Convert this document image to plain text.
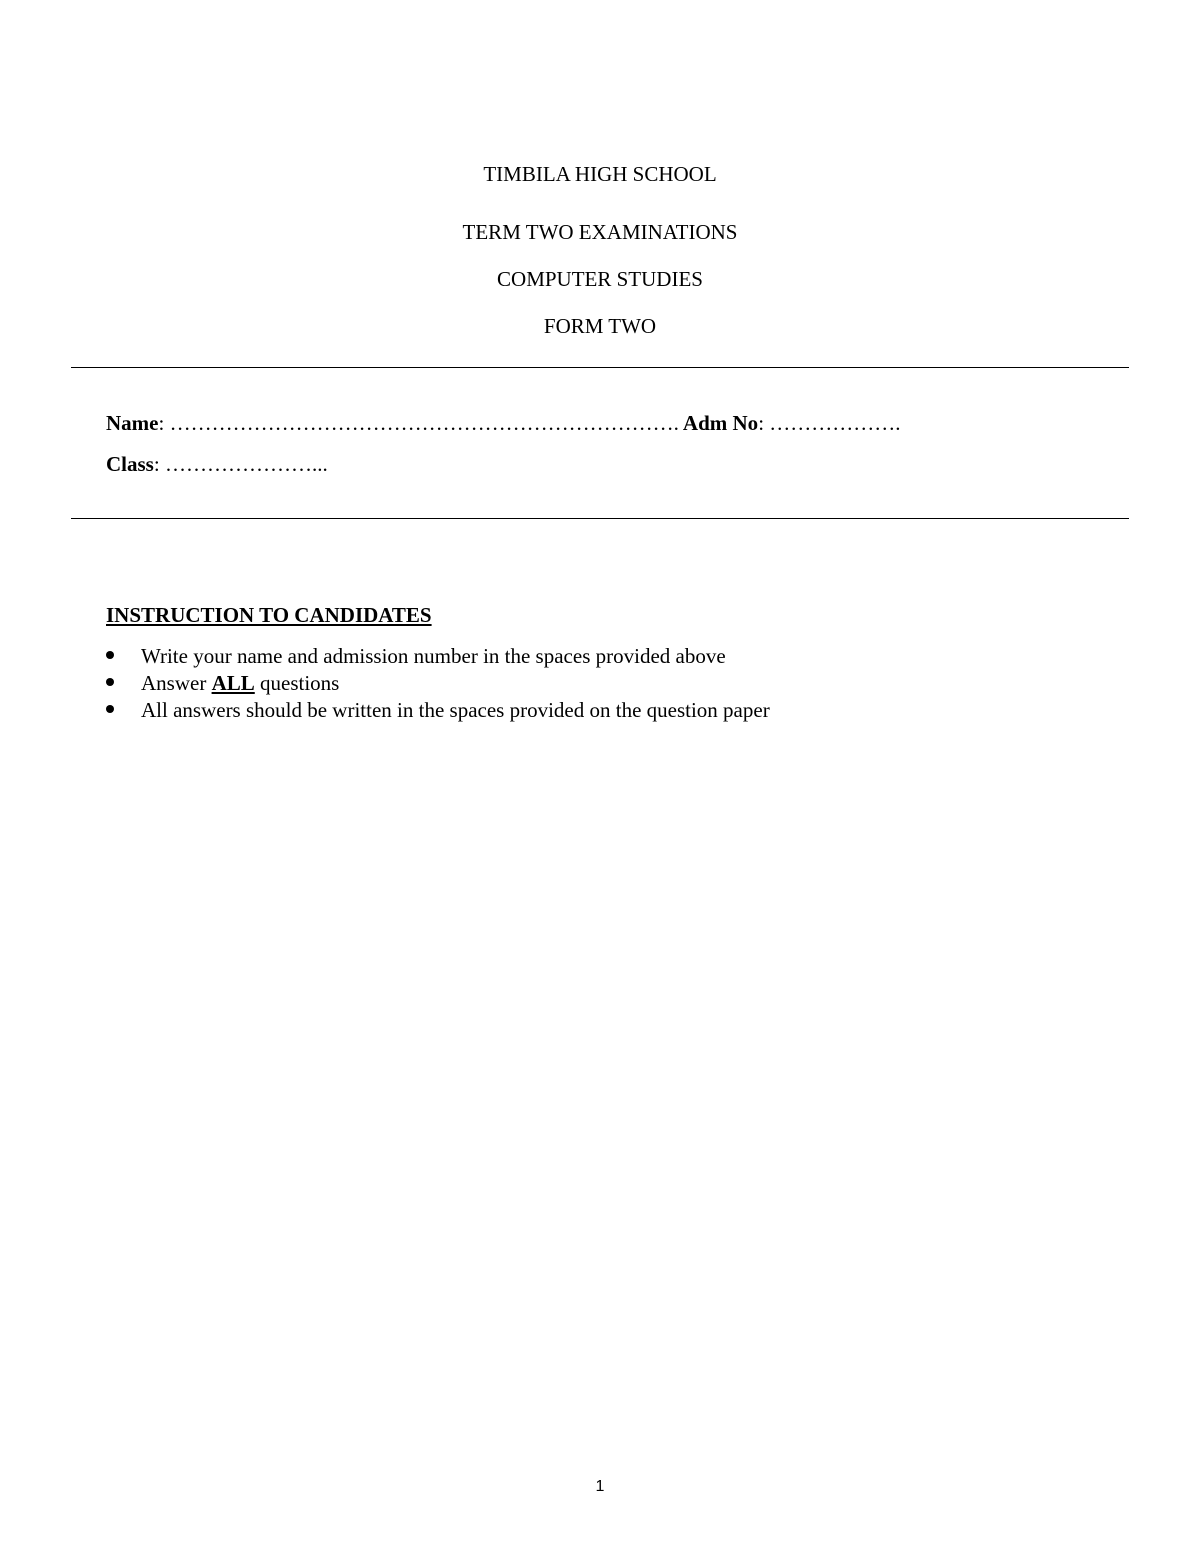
TIMBILA HIGH SCHOOL
TERM TWO EXAMINATIONS
COMPUTER STUDIES
FORM TWO
Name: ………………………………………………………………. Adm No: ……………….
Class: …………………...
INSTRUCTION TO CANDIDATES
Write your name and admission number in the spaces provided above
Answer ALL questions
All answers should be written in the spaces provided on the question paper
1
